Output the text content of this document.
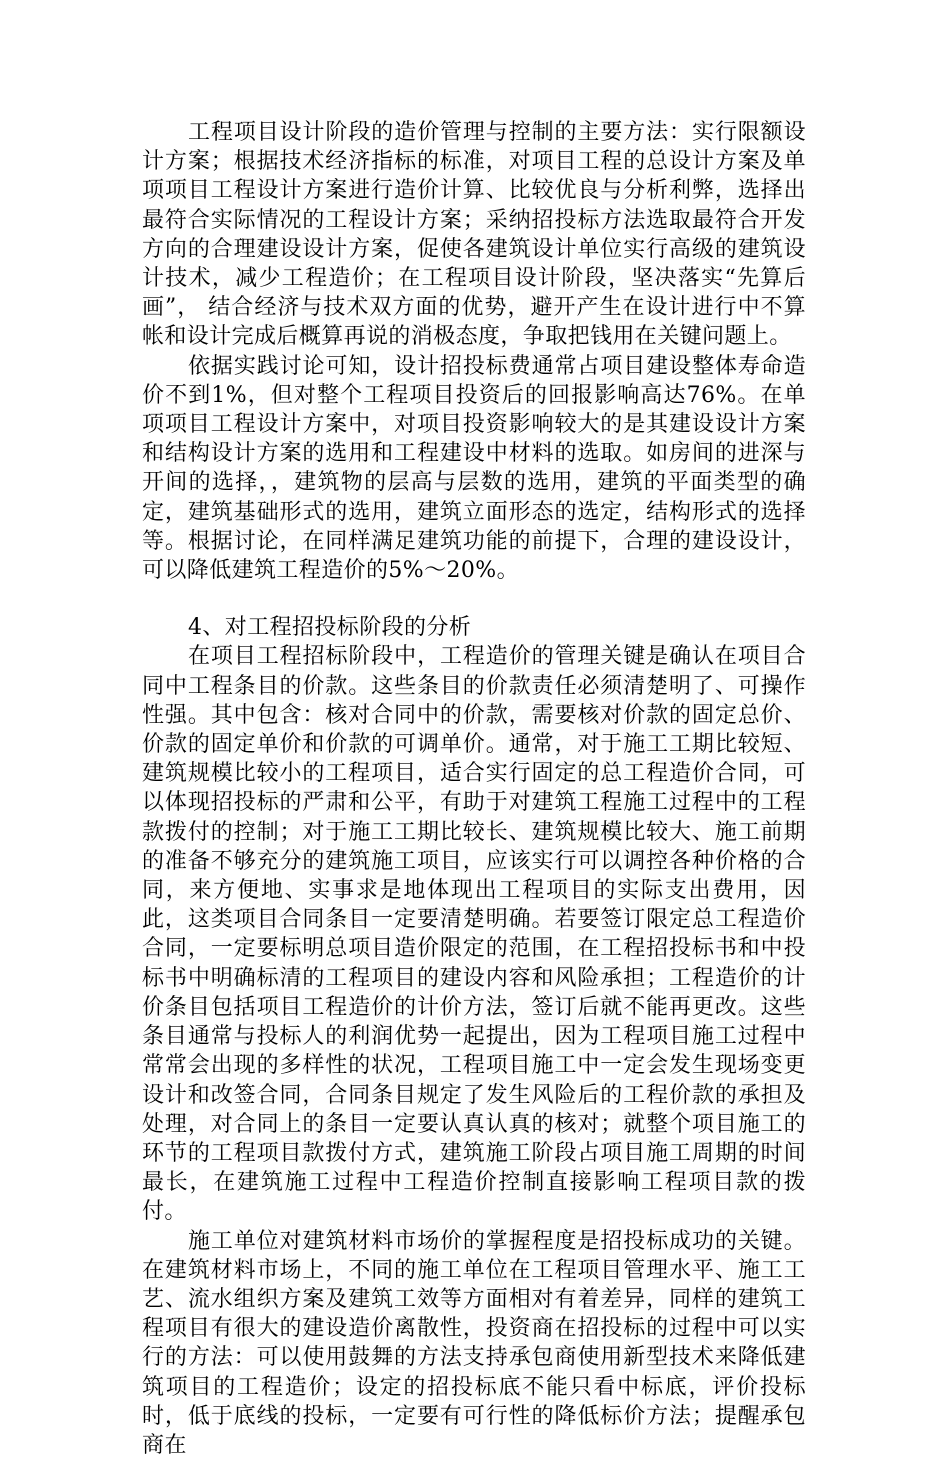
工程项目设计阶段的造价管理与控制的主要方法：实行限额设计方案；根据技术经济指标的标准，对项目工程的总设计方案及单项项目工程设计方案进行造价计算、比较优良与分析利弊，选择出最符合实际情况的工程设计方案；采纳招投标方法选取最符合开发方向的合理建设设计方案，促使各建筑设计单位实行高级的建筑设计技术，减少工程造价；在工程项目设计阶段，坚决落实“先算后画”， 结合经济与技术双方面的优势，避开产生在设计进行中不算帐和设计完成后概算再说的消极态度，争取把钱用在关键问题上。

依据实践讨论可知，设计招投标费通常占项目建设整体寿命造价不到1%，但对整个工程项目投资后的回报影响高达76%。在单项项目工程设计方案中，对项目投资影响较大的是其建设设计方案和结构设计方案的选用和工程建设中材料的选取。如房间的进深与开间的选择，，建筑物的层高与层数的选用，建筑的平面类型的确定，建筑基础形式的选用，建筑立面形态的选定，结构形式的选择等。根据讨论，在同样满足建筑功能的前提下，合理的建设设计，可以降低建筑工程造价的5%～20%。

4、对工程招投标阶段的分析

在项目工程招标阶段中，工程造价的管理关键是确认在项目合同中工程条目的价款。这些条目的价款责任必须清楚明了、可操作性强。其中包含：核对合同中的价款，需要核对价款的固定总价、价款的固定单价和价款的可调单价。通常，对于施工工期比较短、建筑规模比较小的工程项目，适合实行固定的总工程造价合同，可以体现招投标的严肃和公平，有助于对建筑工程施工过程中的工程款拨付的控制；对于施工工期比较长、建筑规模比较大、施工前期的准备不够充分的建筑施工项目，应该实行可以调控各种价格的合同，来方便地、实事求是地体现出工程项目的实际支出费用，因此，这类项目合同条目一定要清楚明确。若要签订限定总工程造价合同，一定要标明总项目造价限定的范围，在工程招投标书和中投标书中明确标清的工程项目的建设内容和风险承担；工程造价的计价条目包括项目工程造价的计价方法，签订后就不能再更改。这些条目通常与投标人的利润优势一起提出，因为工程项目施工过程中常常会出现的多样性的状况，工程项目施工中一定会发生现场变更设计和改签合同，合同条目规定了发生风险后的工程价款的承担及处理，对合同上的条目一定要认真认真的核对；就整个项目施工的环节的工程项目款拨付方式，建筑施工阶段占项目施工周期的时间最长，在建筑施工过程中工程造价控制直接影响工程项目款的拨付。

施工单位对建筑材料市场价的掌握程度是招投标成功的关键。在建筑材料市场上，不同的施工单位在工程项目管理水平、施工工艺、流水组织方案及建筑工效等方面相对有着差异，同样的建筑工程项目有很大的建设造价离散性，投资商在招投标的过程中可以实行的方法：可以使用鼓舞的方法支持承包商使用新型技术来降低建筑项目的工程造价；设定的招投标底不能只看中标底，评价投标时，低于底线的投标，一定要有可行性的降低标价方法；提醒承包商在
